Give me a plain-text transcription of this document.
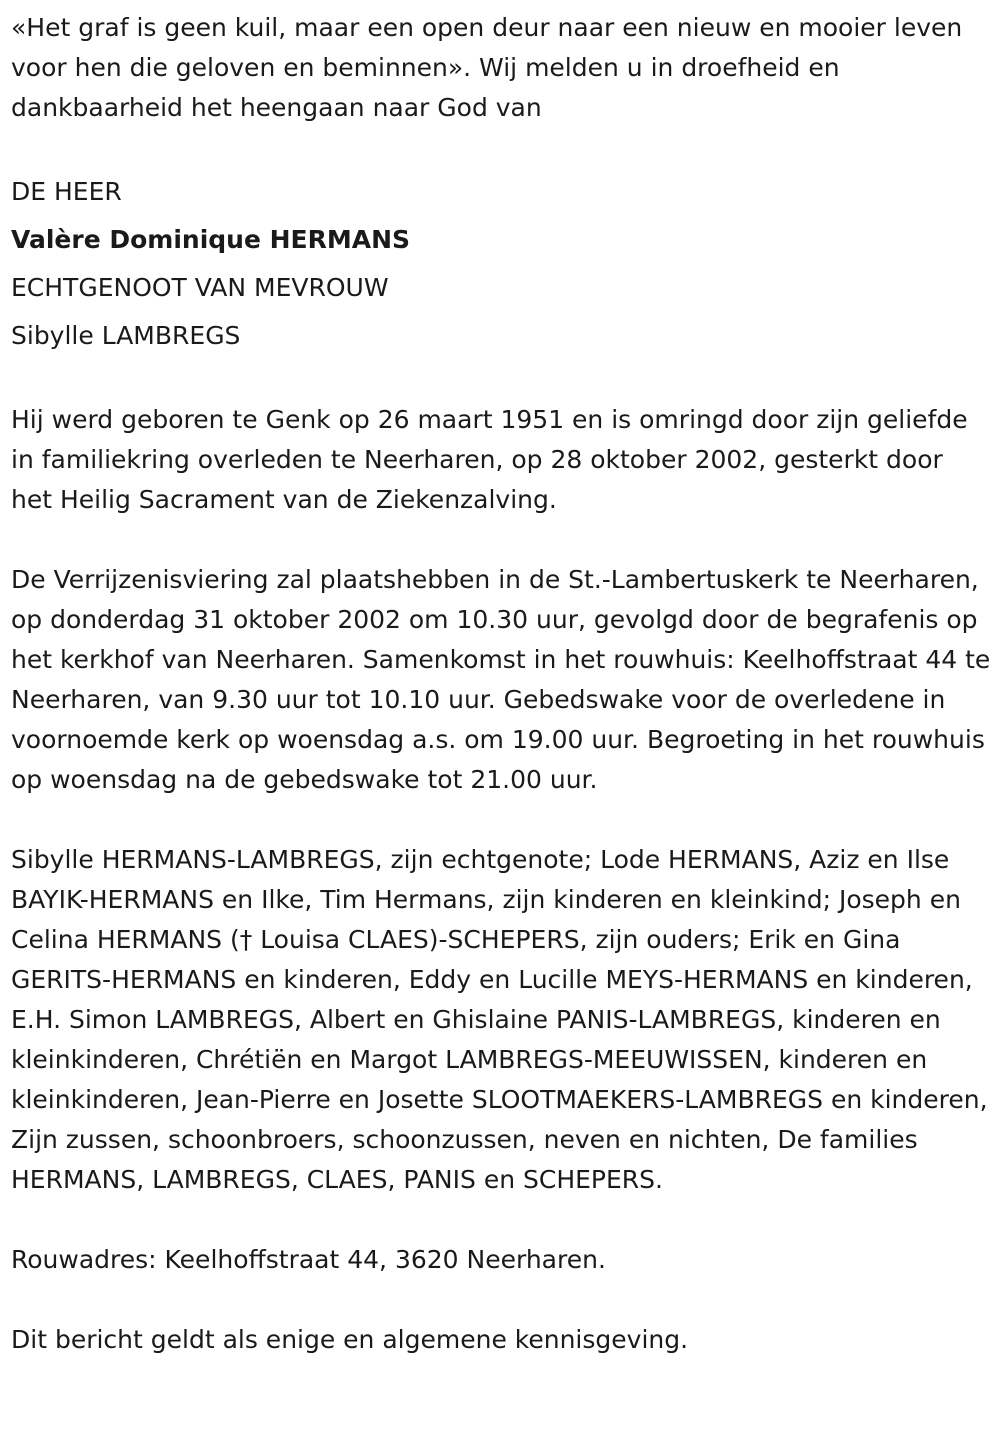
«Het graf is geen kuil, maar een open deur naar een nieuw en mooier leven voor hen die geloven en beminnen». Wij melden u in droefheid en dankbaarheid het heengaan naar God van

DE HEER

Valère Dominique HERMANS

ECHTGENOOT VAN MEVROUW

Sibylle LAMBREGS

Hij werd geboren te Genk op 26 maart 1951 en is omringd door zijn geliefde in familiekring overleden te Neerharen, op 28 oktober 2002, gesterkt door het Heilig Sacrament van de Ziekenzalving.

De Verrijzenisviering zal plaatshebben in de St.-Lambertuskerk te Neerharen, op donderdag 31 oktober 2002 om 10.30 uur, gevolgd door de begrafenis op het kerkhof van Neerharen. Samenkomst in het rouwhuis: Keelhoffstraat 44 te Neerharen, van 9.30 uur tot 10.10 uur. Gebedswake voor de overledene in voornoemde kerk op woensdag a.s. om 19.00 uur. Begroeting in het rouwhuis op woensdag na de gebedswake tot 21.00 uur.

Sibylle HERMANS-LAMBREGS, zijn echtgenote; Lode HERMANS, Aziz en Ilse BAYIK-HERMANS en Ilke, Tim Hermans, zijn kinderen en kleinkind; Joseph en Celina HERMANS († Louisa CLAES)-SCHEPERS, zijn ouders; Erik en Gina GERITS-HERMANS en kinderen, Eddy en Lucille MEYS-HERMANS en kinderen, E.H. Simon LAMBREGS, Albert en Ghislaine PANIS-LAMBREGS, kinderen en kleinkinderen, Chrétiën en Margot LAMBREGS-MEEUWISSEN, kinderen en kleinkinderen, Jean-Pierre en Josette SLOOTMAEKERS-LAMBREGS en kinderen, Zijn zussen, schoonbroers, schoonzussen, neven en nichten, De families HERMANS, LAMBREGS, CLAES, PANIS en SCHEPERS.

Rouwadres: Keelhoffstraat 44, 3620 Neerharen.

Dit bericht geldt als enige en algemene kennisgeving.
